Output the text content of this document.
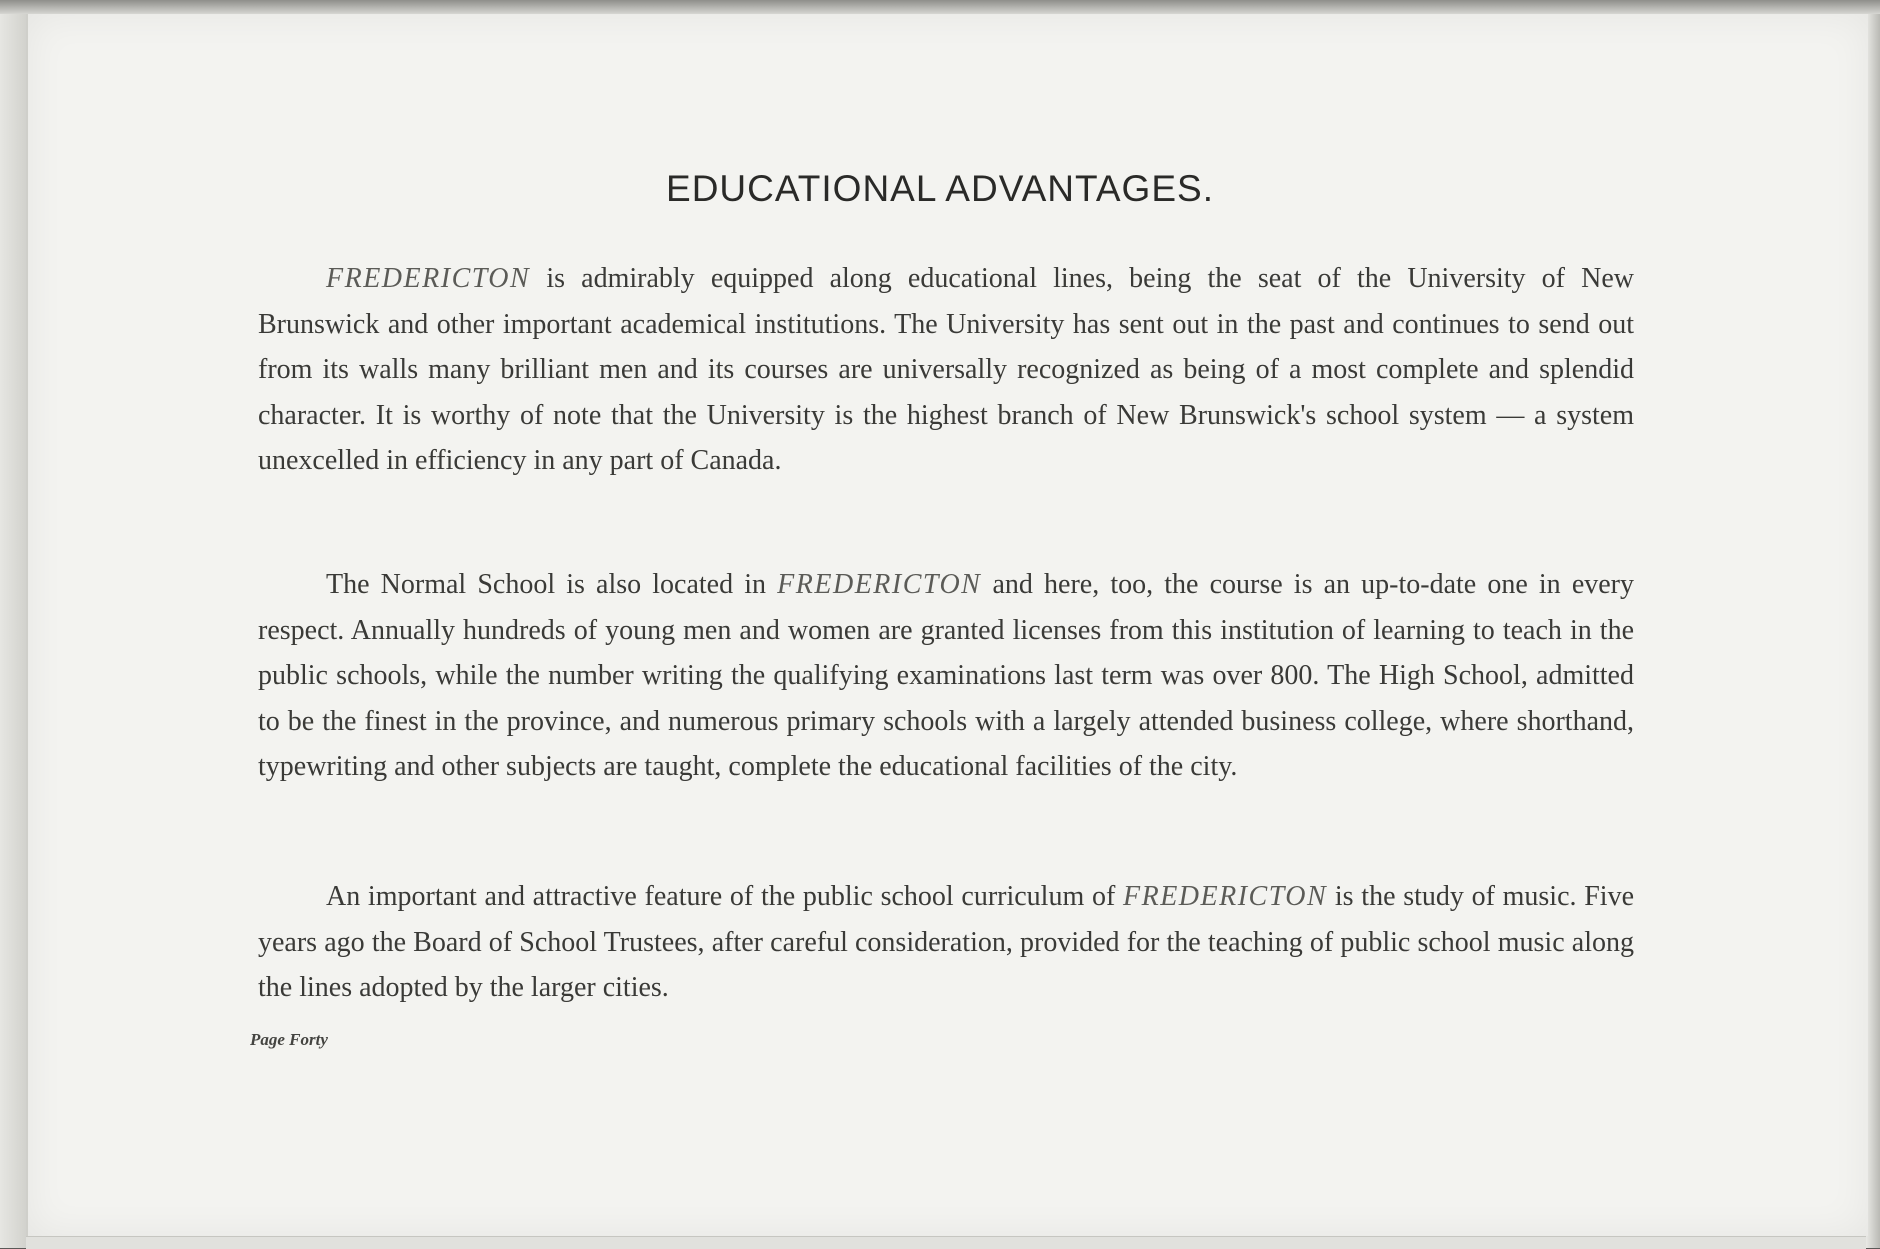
EDUCATIONAL ADVANTAGES.

FREDERICTON is admirably equipped along educational lines, being the seat of the University of New Brunswick and other important academical institutions. The University has sent out in the past and continues to send out from its walls many brilliant men and its courses are universally recognized as being of a most complete and splendid character. It is worthy of note that the University is the highest branch of New Brunswick's school system — a system unexcelled in efficiency in any part of Canada.

The Normal School is also located in FREDERICTON and here, too, the course is an up-to-date one in every respect. Annually hundreds of young men and women are granted licenses from this institution of learning to teach in the public schools, while the number writing the qualifying examinations last term was over 800. The High School, admitted to be the finest in the province, and numerous primary schools with a largely attended business college, where shorthand, typewriting and other subjects are taught, complete the educational facilities of the city.

An important and attractive feature of the public school curriculum of FREDERICTON is the study of music. Five years ago the Board of School Trustees, after careful consideration, provided for the teaching of public school music along the lines adopted by the larger cities.

Page Forty
